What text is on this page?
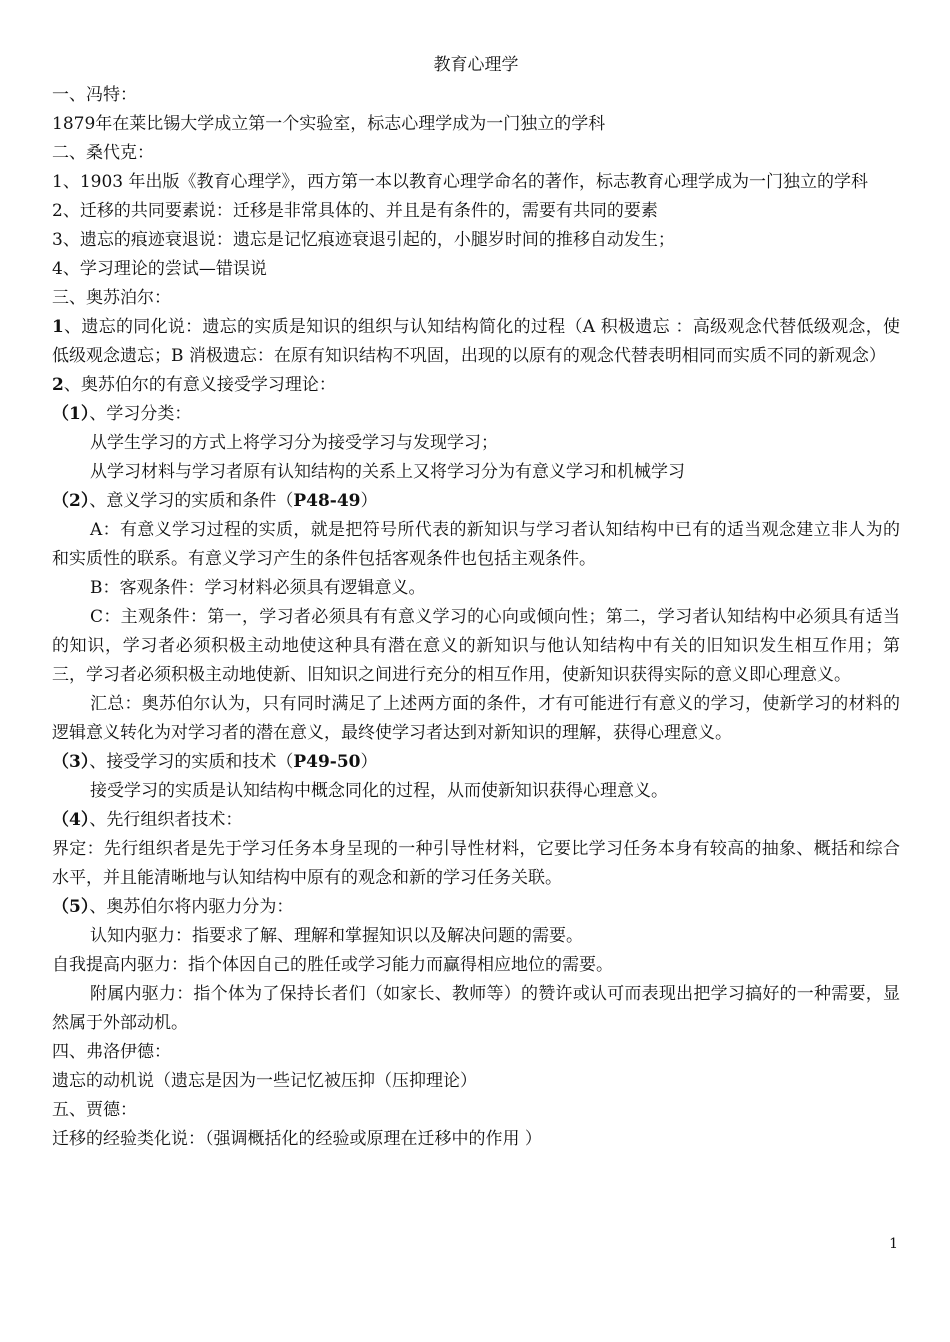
教育心理学
一、冯特：
1879年在莱比锡大学成立第一个实验室，标志心理学成为一门独立的学科
二、桑代克：
1、1903 年出版《教育心理学》，西方第一本以教育心理学命名的著作，标志教育心理学成为一门独立的学科
2、迁移的共同要素说：迁移是非常具体的、并且是有条件的，需要有共同的要素
3、遗忘的痕迹衰退说：遗忘是记忆痕迹衰退引起的，小腿岁时间的推移自动发生；
4、学习理论的尝试—错误说
三、奥苏泊尔：
1、遗忘的同化说：遗忘的实质是知识的组织与认知结构简化的过程（A 积极遗忘 ：高级观念代替低级观念，使低级观念遗忘；B 消极遗忘：在原有知识结构不巩固，出现的以原有的观念代替表明相同而实质不同的新观念）
2、奥苏伯尔的有意义接受学习理论：
（1）、学习分类：
从学生学习的方式上将学习分为接受学习与发现学习；
从学习材料与学习者原有认知结构的关系上又将学习分为有意义学习和机械学习
（2）、意义学习的实质和条件（P48-49）
A：有意义学习过程的实质，就是把符号所代表的新知识与学习者认知结构中已有的适当观念建立非人为的和实质性的联系。有意义学习产生的条件包括客观条件也包括主观条件。
B：客观条件：学习材料必须具有逻辑意义。
C：主观条件：第一，学习者必须具有有意义学习的心向或倾向性；第二，学习者认知结构中必须具有适当的知识，学习者必须积极主动地使这种具有潜在意义的新知识与他认知结构中有关的旧知识发生相互作用；第三，学习者必须积极主动地使新、旧知识之间进行充分的相互作用，使新知识获得实际的意义即心理意义。
汇总：奥苏伯尔认为，只有同时满足了上述两方面的条件，才有可能进行有意义的学习，使新学习的材料的逻辑意义转化为对学习者的潜在意义，最终使学习者达到对新知识的理解，获得心理意义。
（3）、接受学习的实质和技术（P49-50）
接受学习的实质是认知结构中概念同化的过程，从而使新知识获得心理意义。
（4）、先行组织者技术：
界定：先行组织者是先于学习任务本身呈现的一种引导性材料，它要比学习任务本身有较高的抽象、概括和综合水平，并且能清晰地与认知结构中原有的观念和新的学习任务关联。
（5）、奥苏伯尔将内驱力分为：
认知内驱力：指要求了解、理解和掌握知识以及解决问题的需要。
自我提高内驱力：指个体因自己的胜任或学习能力而赢得相应地位的需要。
附属内驱力：指个体为了保持长者们（如家长、教师等）的赞许或认可而表现出把学习搞好的一种需要，显然属于外部动机。
四、弗洛伊德：
遗忘的动机说（遗忘是因为一些记忆被压抑（压抑理论）
五、贾德：
迁移的经验类化说：（强调概括化的经验或原理在迁移中的作用 ）
1
